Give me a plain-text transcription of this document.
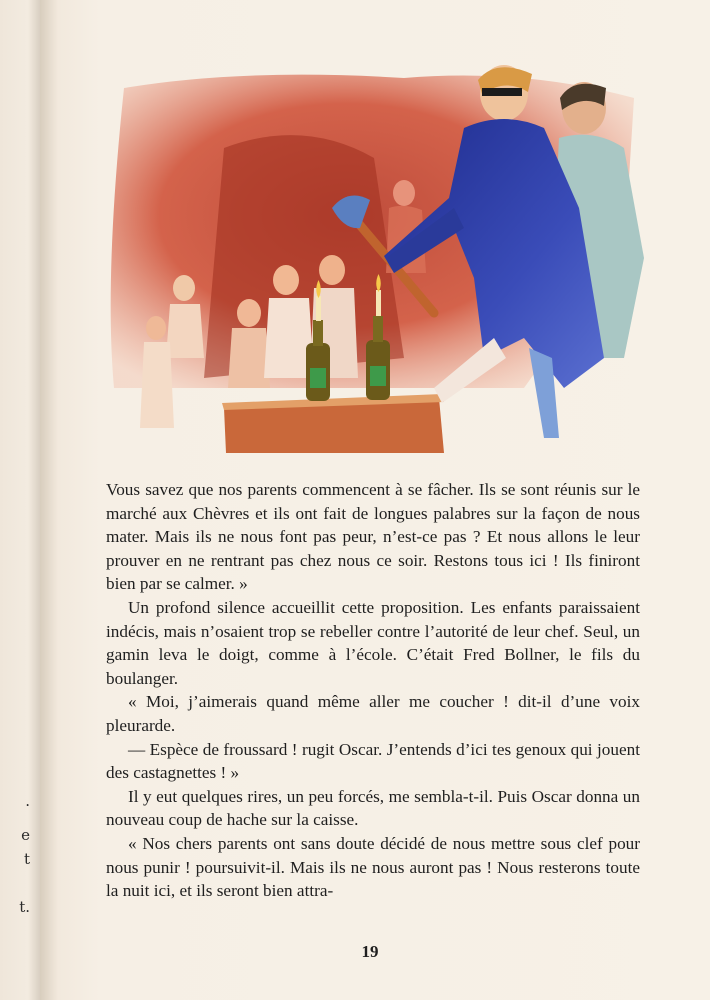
.
e
t
t.

Vous savez que nos parents commencent à se fâcher. Ils se sont réunis sur le marché aux Chèvres et ils ont fait de longues palabres sur la façon de nous mater. Mais ils ne nous font pas peur, n’est-ce pas ? Et nous allons le leur prouver en ne rentrant pas chez nous ce soir. Restons tous ici ! Ils finiront bien par se calmer. »

Un profond silence accueillit cette proposition. Les enfants paraissaient indécis, mais n’osaient trop se rebeller contre l’autorité de leur chef. Seul, un gamin leva le doigt, comme à l’école. C’était Fred Bollner, le fils du boulanger.

« Moi, j’aimerais quand même aller me coucher ! dit-il d’une voix pleurarde.

— Espèce de froussard ! rugit Oscar. J’entends d’ici tes genoux qui jouent des castagnettes ! »

Il y eut quelques rires, un peu forcés, me sembla-t-il. Puis Oscar donna un nouveau coup de hache sur la caisse.

« Nos chers parents ont sans doute décidé de nous mettre sous clef pour nous punir ! poursuivit-il. Mais ils ne nous auront pas ! Nous resterons toute la nuit ici, et ils seront bien attra-

19
